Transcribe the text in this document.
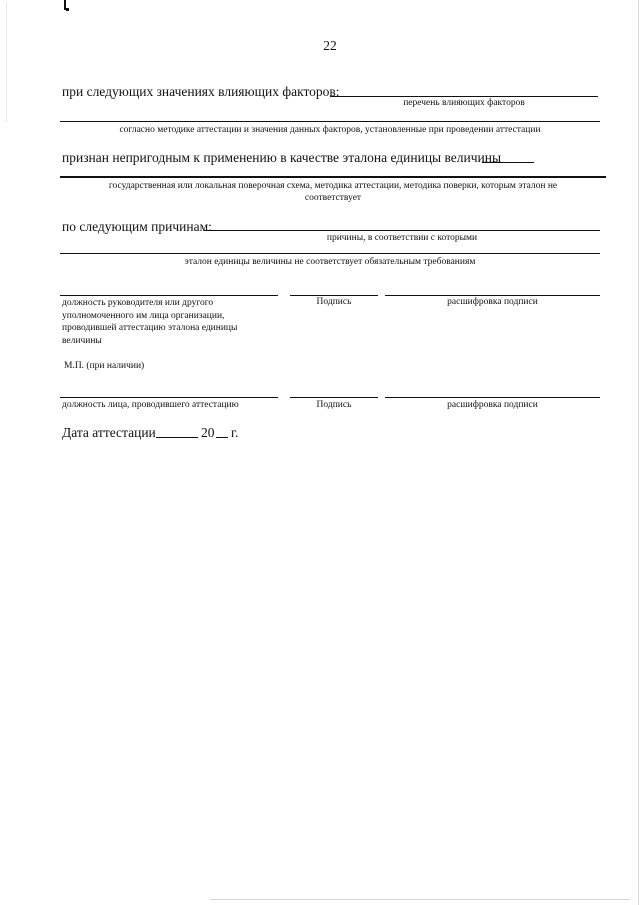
22
при следующих значениях влияющих факторов:
перечень влияющих факторов
согласно методике аттестации и значения данных факторов, установленные при проведении аттестации
признан непригодным к применению в качестве эталона единицы величины
государственная или локальная поверочная схема, методика аттестации, методика поверки, которым эталон не
соответствует
по следующим причинам:
причины, в соответствии с которыми
эталон единицы величины не соответствует обязательным требованиям
должность руководителя или другого
уполномоченного им лица организации,
проводившей аттестацию эталона единицы
величины
Подпись	расшифровка подписи
М.П. (при наличии)
должность лица, проводившего аттестацию	Подпись	расшифровка подписи
Дата аттестации	20 г.
